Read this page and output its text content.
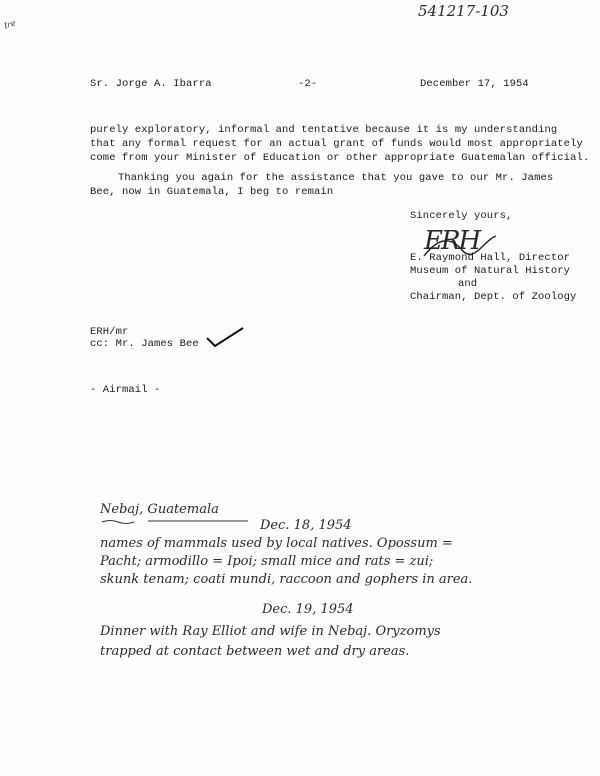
541217-103
Ire
Sr. Jorge A. Ibarra	-2-	December 17, 1954
purely exploratory, informal and tentative because it is my understanding
that any formal request for an actual grant of funds would most appropriately
come from your Minister of Education or other appropriate Guatemalan official.
Thanking you again for the assistance that you gave to our Mr. James
Bee, now in Guatemala, I beg to remain
Sincerely yours,
ERH
E. Raymond Hall, Director
Museum of Natural History
and
Chairman, Dept. of Zoology
ERH/mr
cc: Mr. James Bee
- Airmail -
Nebaj, Guatemala
Dec. 18, 1954
names of mammals used by local natives. Opossum =
Pacht; armodillo = Ipoi; small mice and rats = zui;
skunk tenam; coati mundi, raccoon and gophers in area.
Dec. 19, 1954
Dinner with Ray Elliot and wife in Nebaj. Oryzomys
trapped at contact between wet and dry areas.
